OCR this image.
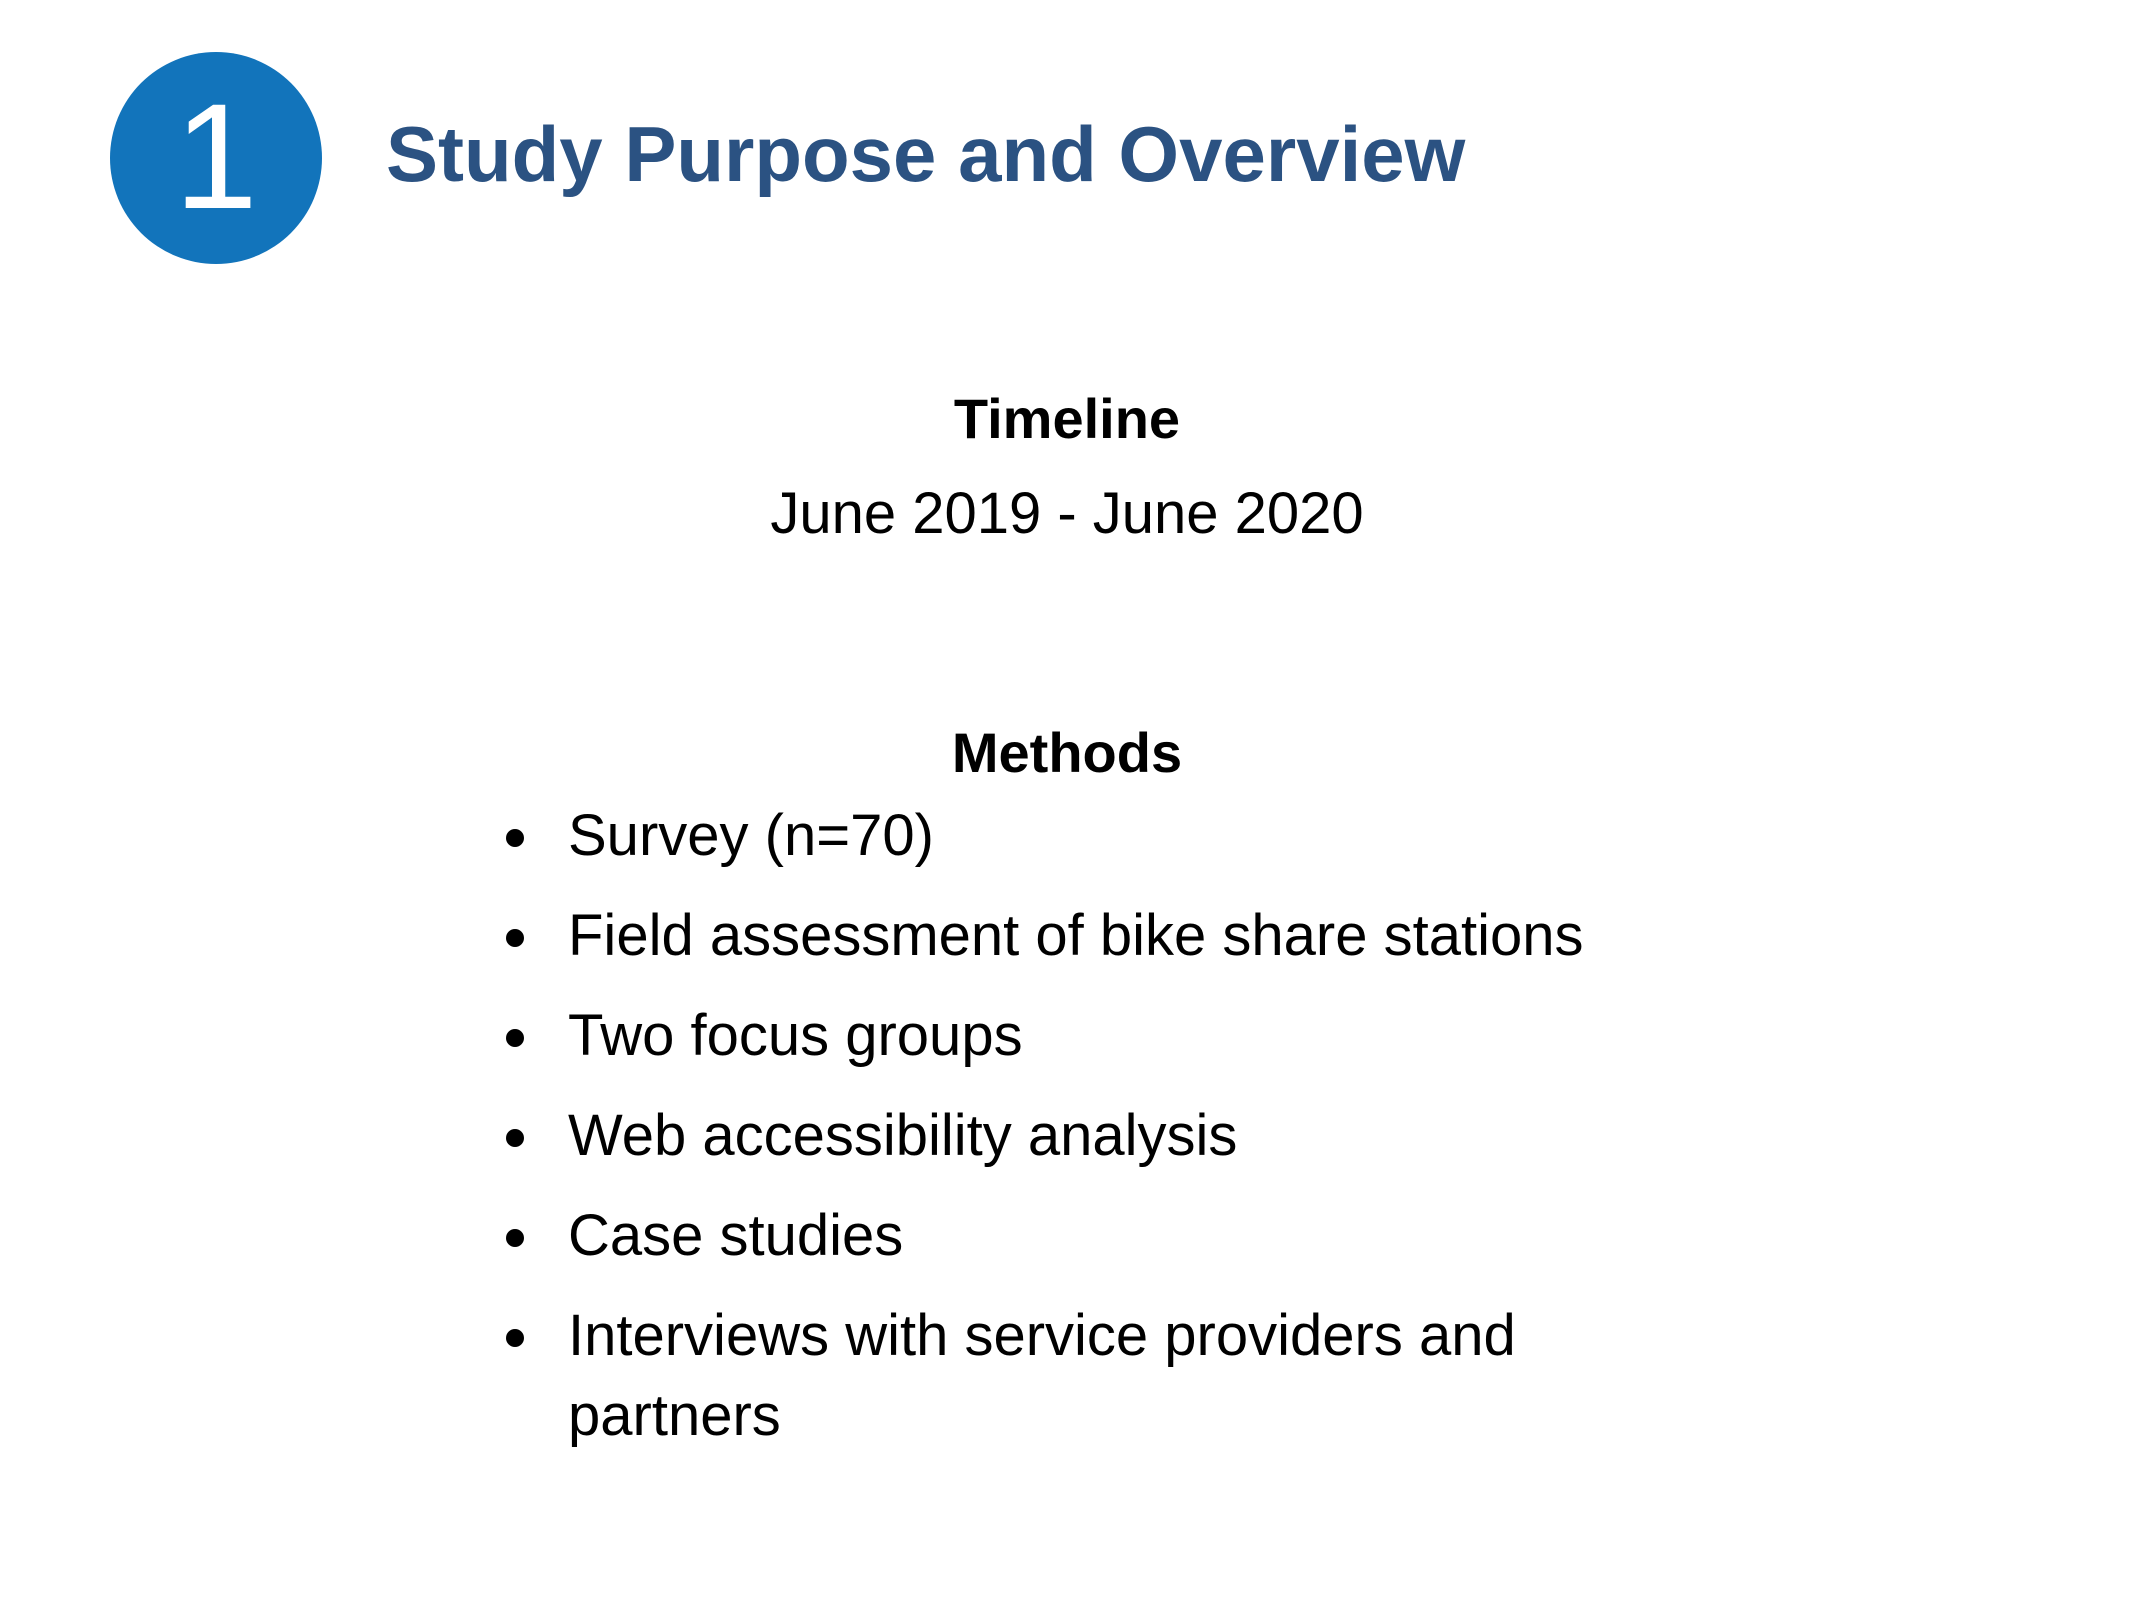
1 Study Purpose and Overview
Timeline
June 2019 - June 2020
Methods
Survey (n=70)
Field assessment of bike share stations
Two focus groups
Web accessibility analysis
Case studies
Interviews with service providers and partners
